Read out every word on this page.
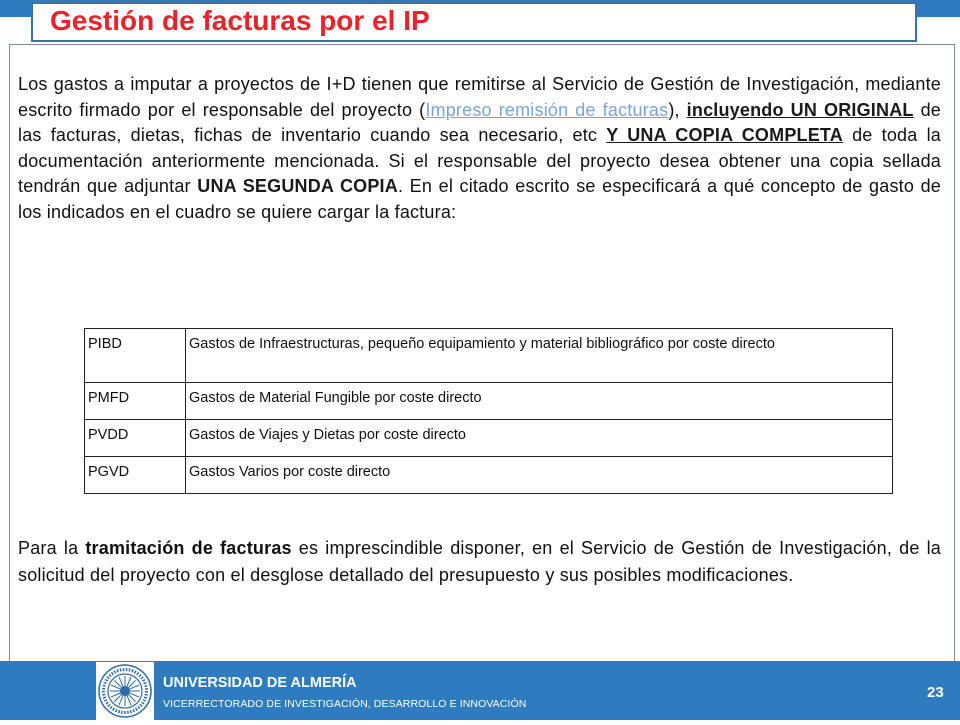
Gestión de facturas por el IP
Los gastos a imputar a proyectos de I+D tienen que remitirse al Servicio de Gestión de Investigación, mediante escrito firmado por el responsable del proyecto (Impreso remisión de facturas), incluyendo UN ORIGINAL de las facturas, dietas, fichas de inventario cuando sea necesario, etc Y UNA COPIA COMPLETA de toda la documentación anteriormente mencionada. Si el responsable del proyecto desea obtener una copia sellada tendrán que adjuntar UNA SEGUNDA COPIA. En el citado escrito se especificará a qué concepto de gasto de los indicados en el cuadro se quiere cargar la factura:
PIBD	Gastos de Infraestructuras, pequeño equipamiento y material bibliográfico por coste directo
PMFD	Gastos de Material Fungible por coste directo
PVDD	Gastos de Viajes y Dietas por coste directo
PGVD	Gastos Varios por coste directo
Para la tramitación de facturas es imprescindible disponer, en el Servicio de Gestión de Investigación, de la solicitud del proyecto con el desglose detallado del presupuesto y sus posibles modificaciones.
UNIVERSIDAD DE ALMERÍA
VICERRECTORADO DE INVESTIGACIÓN, DESARROLLO E INNOVACIÓN
23
